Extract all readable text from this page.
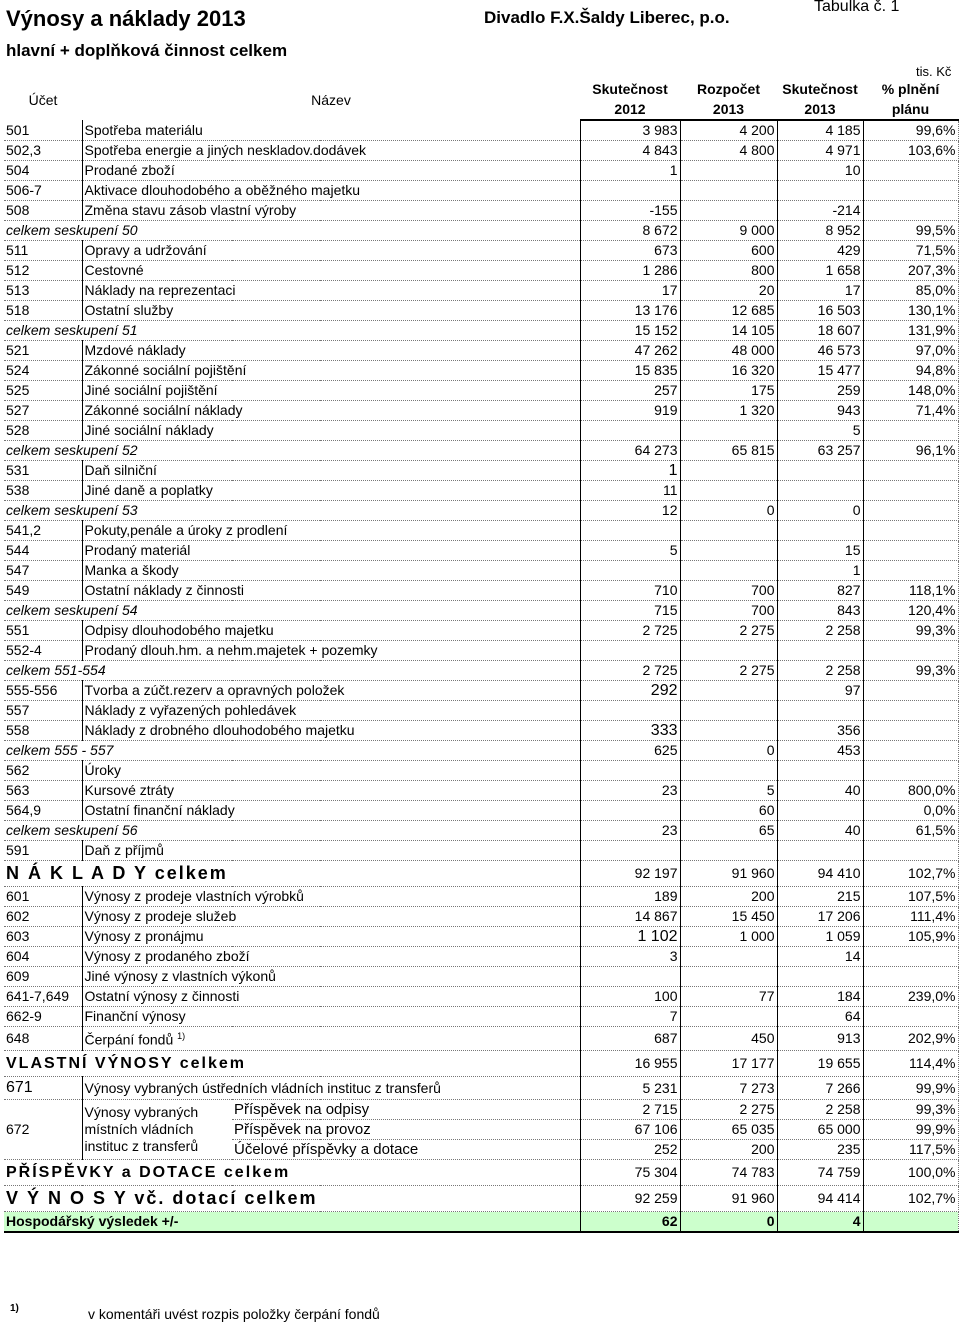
Výnosy a náklady 2013	Divadlo F.X.Šaldy Liberec, p.o.
Tabulka č. 1
hlavní + doplňková činnost celkem
tis. Kč
Účet	Název		Skutečnost	Rozpočet	Skutečnost	% plnění	
			2012	2013	2013	plánu	
501	Spotřeba materiálu		3 983	4 200	4 185	99,6%	
502,3	Spotřeba energie a jiných neskladov.dodávek		4 843	4 800	4 971	103,6%	
504	Prodané zboží		1		10		
506-7	Aktivace dlouhodobého a oběžného majetku						
508	Změna stavu zásob vlastní výroby		-155		-214		
celkem seskupení 50			8 672	9 000	8 952	99,5%	
511	Opravy a udržování		673	600	429	71,5%	
512	Cestovné		1 286	800	1 658	207,3%	
513	Náklady na reprezentaci		17	20	17	85,0%	
518	Ostatní služby		13 176	12 685	16 503	130,1%	
celkem seskupení 51			15 152	14 105	18 607	131,9%	
521	Mzdové náklady		47 262	48 000	46 573	97,0%	
524	Zákonné sociální pojištění		15 835	16 320	15 477	94,8%	
525	Jiné sociální pojištění		257	175	259	148,0%	
527	Zákonné sociální náklady		919	1 320	943	71,4%	
528	Jiné sociální náklady				5		
celkem seskupení 52			64 273	65 815	63 257	96,1%	
531	Daň silniční		1				
538	Jiné daně a poplatky		11				
celkem seskupení 53			12	0	0		
541,2	Pokuty,penále a úroky z prodlení						
544	Prodaný materiál		5		15		
547	Manka a škody				1		
549	Ostatní náklady z činnosti		710	700	827	118,1%	
celkem seskupení 54			715	700	843	120,4%	
551	Odpisy dlouhodobého majetku		2 725	2 275	2 258	99,3%	
552-4	Prodaný dlouh.hm. a nehm.majetek + pozemky						
celkem 551-554			2 725	2 275	2 258	99,3%	
555-556	Tvorba a zúčt.rezerv a opravných položek		292		97		
557	Náklady z vyřazených pohledávek						
558	Náklady z drobného dlouhodobého majetku		333		356		
celkem 555 - 557			625	0	453		
562	Úroky						
563	Kursové ztráty		23	5	40	800,0%	
564,9	Ostatní finanční náklady			60		0,0%	
celkem seskupení 56			23	65	40	61,5%	
591	Daň z příjmů						
N Á K L A D Y celkem			92 197	91 960	94 410	102,7%	
601	Výnosy z prodeje vlastních výrobků		189	200	215	107,5%	
602	Výnosy z prodeje služeb		14 867	15 450	17 206	111,4%	
603	Výnosy z pronájmu		1 102	1 000	1 059	105,9%	
604	Výnosy z prodaného zboží		3		14		
609	Jiné výnosy z vlastních výkonů						
641-7,649	Ostatní výnosy z činnosti		100	77	184	239,0%	
662-9	Finanční výnosy		7		64		
648	Čerpání fondů $^{1)}$		687	450	913	202,9%	
VLASTNÍ VÝNOSY celkem			16 955	17 177	19 655	114,4%	
671	Výnosy vybraných ústředních vládních instituc z transferů		5 231	7 273	7 266	99,9%	
672	Výnosy vybraných místních vládních instituc z transferů	Příspěvek na odpisy	2 715	2 275	2 258	99,3%	
		Příspěvek na provoz	67 106	65 035	65 000	99,9%	
		Účelové příspěvky a dotace	252	200	235	117,5%	
PŘÍSPĚVKY a DOTACE celkem			75 304	74 783	74 759	100,0%	
V Ý N O S Y vč. dotací celkem			92 259	91 960	94 414	102,7%	
Hospodářský výsledek +/-			62	0	4		
1)	v komentáři uvést rozpis položky čerpání fondů
